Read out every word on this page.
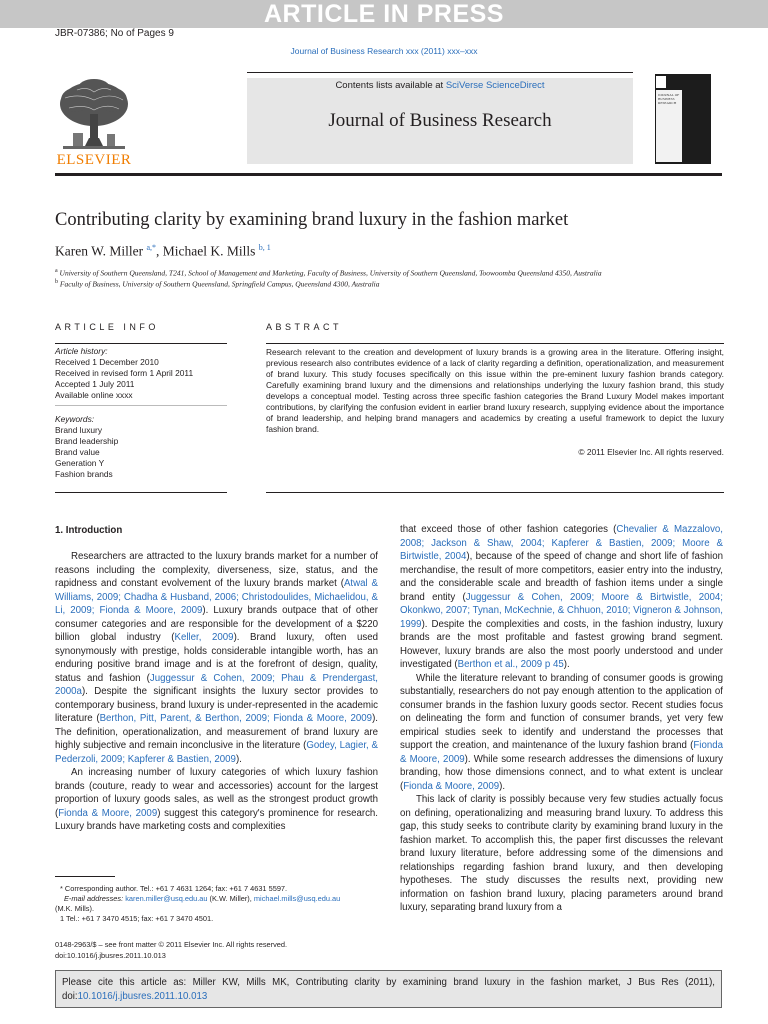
ARTICLE IN PRESS
JBR-07386; No of Pages 9
Journal of Business Research xxx (2011) xxx–xxx
ELSEVIER
Contents lists available at SciVerse ScienceDirect
Journal of Business Research
JOURNAL OF BUSINESS RESEARCH
Contributing clarity by examining brand luxury in the fashion market
Karen W. Miller $^{a,*}$, Michael K. Mills $^{b, 1}$
$^a$ University of Southern Queensland, T241, School of Management and Marketing, Faculty of Business, University of Southern Queensland, Toowoomba Queensland 4350, Australia
$^b$ Faculty of Business, University of Southern Queensland, Springfield Campus, Queensland 4300, Australia
ARTICLE INFO
Article history:
Received 1 December 2010
Received in revised form 1 April 2011
Accepted 1 July 2011
Available online xxxx
Keywords:
Brand luxury
Brand leadership
Brand value
Generation Y
Fashion brands
ABSTRACT
Research relevant to the creation and development of luxury brands is a growing area in the literature. Offering insight, previous research also contributes evidence of a lack of clarity regarding a definition, operationalization, and measurement of brand luxury. This study focuses specifically on this issue within the pre-eminent luxury fashion brands category. Carefully examining brand luxury and the dimensions and relationships underlying the luxury fashion brand, this study develops a conceptual model. Testing across three specific fashion categories the Brand Luxury Model makes important contributions, by clarifying the confusion evident in earlier brand luxury research, supplying evidence about the importance of brand leadership, and helping brand managers and academics by creating a useful framework to depict the luxury fashion brand.
© 2011 Elsevier Inc. All rights reserved.
1. Introduction

Researchers are attracted to the luxury brands market for a number of reasons including the complexity, diverseness, size, status, and the rapidness and constant evolvement of the luxury brands market (Atwal & Williams, 2009; Chadha & Husband, 2006; Christodoulides, Michaelidou, & Li, 2009; Fionda & Moore, 2009). Luxury brands outpace that of other consumer categories and are responsible for the development of a $220 billion global industry (Keller, 2009). Brand luxury, often used synonymously with prestige, holds considerable intangible worth, has an enduring positive brand image and is at the forefront of design, quality, status and fashion (Juggessur & Cohen, 2009; Phau & Prendergast, 2000a). Despite the significant insights the luxury sector provides to contemporary business, brand luxury is under-represented in the academic literature (Berthon, Pitt, Parent, & Berthon, 2009; Fionda & Moore, 2009). The definition, operationalization, and measurement of brand luxury are highly subjective and remain inconclusive in the literature (Godey, Lagier, & Pederzoli, 2009; Kapferer & Bastien, 2009).

An increasing number of luxury categories of which luxury fashion brands (couture, ready to wear and accessories) account for the largest proportion of luxury goods sales, as well as the strongest product growth (Fionda & Moore, 2009) suggest this category's prominence for research. Luxury brands have marketing costs and complexities

that exceed those of other fashion categories (Chevalier & Mazzalovo, 2008; Jackson & Shaw, 2004; Kapferer & Bastien, 2009; Moore & Birtwistle, 2004), because of the speed of change and short life of fashion merchandise, the result of more competitors, easier entry into the industry, and the considerable scale and breadth of fashion items under a single brand entity (Juggessur & Cohen, 2009; Moore & Birtwistle, 2004; Okonkwo, 2007; Tynan, McKechnie, & Chhuon, 2010; Vigneron & Johnson, 1999). Despite the complexities and costs, in the fashion industry, luxury brands are the most profitable and fastest growing brand segment. However, luxury brands are also the most poorly understood and under investigated (Berthon et al., 2009 p 45).

While the literature relevant to branding of consumer goods is growing substantially, researchers do not pay enough attention to the application of consumer brands in the fashion luxury goods sector. Recent studies focus on delineating the form and function of consumer brands, yet very few empirical studies seek to identify and understand the processes that support the creation, and maintenance of the luxury fashion brand (Fionda & Moore, 2009). While some research addresses the dimensions of luxury branding, how those dimensions connect, and to what extent is unclear (Fionda & Moore, 2009).

This lack of clarity is possibly because very few studies actually focus on defining, operationalizing and measuring brand luxury. To address this gap, this study seeks to contribute clarity by examining brand luxury in the fashion market. To accomplish this, the paper first discusses the relevant brand luxury literature, before addressing some of the dimensions and relationships regarding fashion brand luxury, and then developing hypotheses. The study discusses the results next, providing new information on fashion brand luxury, placing parameters around brand luxury, separating brand luxury from a

* Corresponding author. Tel.: +61 7 4631 1264; fax: +61 7 4631 5597.
E-mail addresses: karen.miller@usq.edu.au (K.W. Miller), michael.mills@usq.edu.au
(M.K. Mills).
1 Tel.: +61 7 3470 4515; fax: +61 7 3470 4501.
0148-2963/$ – see front matter © 2011 Elsevier Inc. All rights reserved.
doi:10.1016/j.jbusres.2011.10.013
Please cite this article as: Miller KW, Mills MK, Contributing clarity by examining brand luxury in the fashion market, J Bus Res (2011), doi:10.1016/j.jbusres.2011.10.013
